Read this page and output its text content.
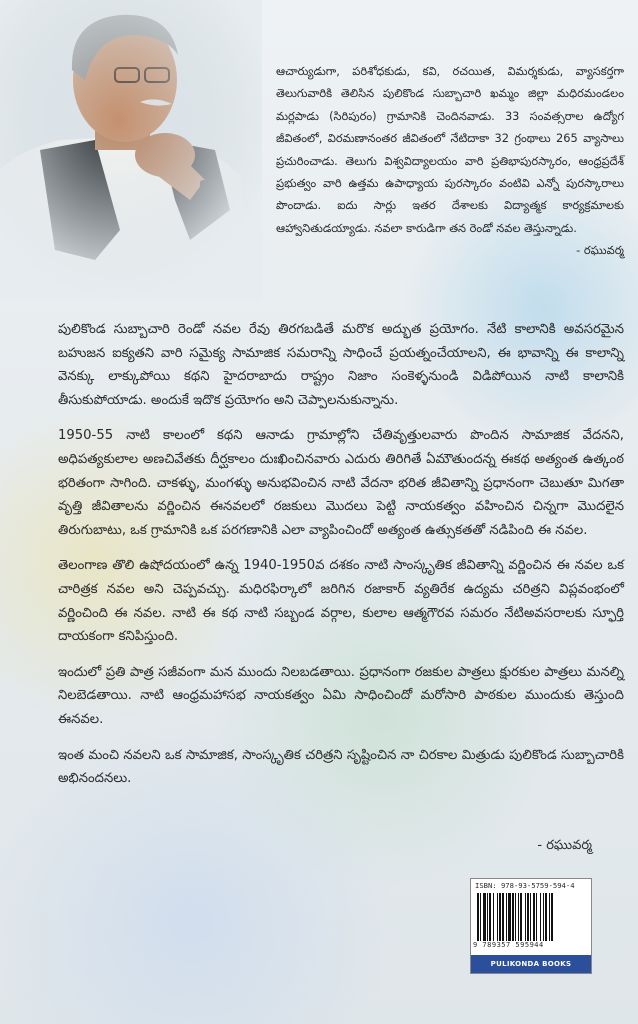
ఆచార్యుడుగా, పరిశోధకుడు, కవి, రచయిత, విమర్శకుడు, వ్యాసకర్తగా తెలుగువారికి తెలిసిన పులికొండ సుబ్బాచారి ఖమ్మం జిల్లా మధిరమండలం మర్లపాడు (సిరిపురం) గ్రామానికి చెందినవాడు. 33 సంవత్సరాల ఉద్యోగ జీవితంలో, విరమణానంతర జీవితంలో నేటిదాకా 32 గ్రంథాలు 265 వ్యాసాలు ప్రచురించాడు. తెలుగు విశ్వవిద్యాలయం వారి ప్రతిభాపురస్కారం, ఆంధ్రప్రదేశ్ ప్రభుత్వం వారి ఉత్తమ ఉపాధ్యాయ పురస్కారం వంటివి ఎన్నో పురస్కారాలు పొందాడు. ఐదు సార్లు ఇతర దేశాలకు విద్యాత్మక కార్యక్రమాలకు ఆహ్వానితుడయ్యాడు. నవలా కారుడిగా తన రెండో నవల తెస్తున్నాడు.

- రఘువర్మ

పులికొండ సుబ్బాచారి రెండో నవల రేవు తిరగబడితే మరొక అద్భుత ప్రయోగం. నేటి కాలానికి అవసరమైన బహుజన ఐక్యతని వారి సమైక్య సామాజిక సమరాన్ని సాధించే ప్రయత్నంచేయాలని, ఈ భావాన్ని ఈ కాలాన్ని వెనక్కు లాక్కుపోయి కథని హైదరాబాదు రాష్ట్రం నిజాం సంకెళ్ళనుండి విడిపోయిన నాటి కాలానికి తీసుకుపోయాడు. అందుకే ఇదొక ప్రయోగం అని చెప్పాలనుకున్నాను.

1950-55 నాటి కాలంలో కథని ఆనాడు గ్రామాల్లోని చేతివృత్తులవారు పొందిన సామాజిక వేదనని, అధిపత్యకులాల అణచివేతకు దీర్ఘకాలం దుఃఖించినవారు ఎదురు తిరిగితే ఏమౌతుందన్న ఈకథ అత్యంత ఉత్కంఠ భరితంగా సాగింది. చాకళ్ళు, మంగళ్ళు అనుభవించిన నాటి వేదనా భరిత జీవితాన్ని ప్రధానంగా చెబుతూ మిగతా వృత్తి జీవితాలను వర్ణించిన ఈనవలలో రజకులు మొదలు పెట్టి నాయకత్వం వహించిన చిన్నగా మొదలైన తిరుగుబాటు, ఒక గ్రామానికి ఒక పరగణానికి ఎలా వ్యాపించిందో అత్యంత ఉత్సుకతతో నడిపింది ఈ నవల.

తెలంగాణ తొలి ఉషోదయంలో ఉన్న 1940-1950వ దశకం నాటి సాంస్కృతిక జీవితాన్ని వర్ణించిన ఈ నవల ఒక చారిత్రక నవల అని చెప్పవచ్చు. మధిరఫిర్కాలో జరిగిన రజాకార్ వ్యతిరేక ఉద్యమ చరిత్రని విప్లవంభంలో వర్ణించింది ఈ నవల. నాటి ఈ కథ నాటి సబ్బండ వర్గాల, కులాల ఆత్మగౌరవ సమరం నేటిఅవసరాలకు స్ఫూర్తి దాయకంగా కనిపిస్తుంది.

ఇందులో ప్రతి పాత్ర సజీవంగా మన ముందు నిలబడతాయి. ప్రధానంగా రజకుల పాత్రలు క్షురకుల పాత్రలు మనల్ని నిలబెడతాయి. నాటి ఆంధ్రమహాసభ నాయకత్వం ఏమి సాధించిందో మరోసారి పాఠకుల ముందుకు తెస్తుంది ఈనవల.

ఇంత మంచి నవలని ఒక సామాజిక, సాంస్కృతిక చరిత్రని సృష్టించిన నా చిరకాల మిత్రుడు పులికొండ సుబ్బాచారికి అభినందనలు.

- రఘువర్మ
ISBN: 978-93-5759-594-4
9 789357 595944
PULIKONDA BOOKS
